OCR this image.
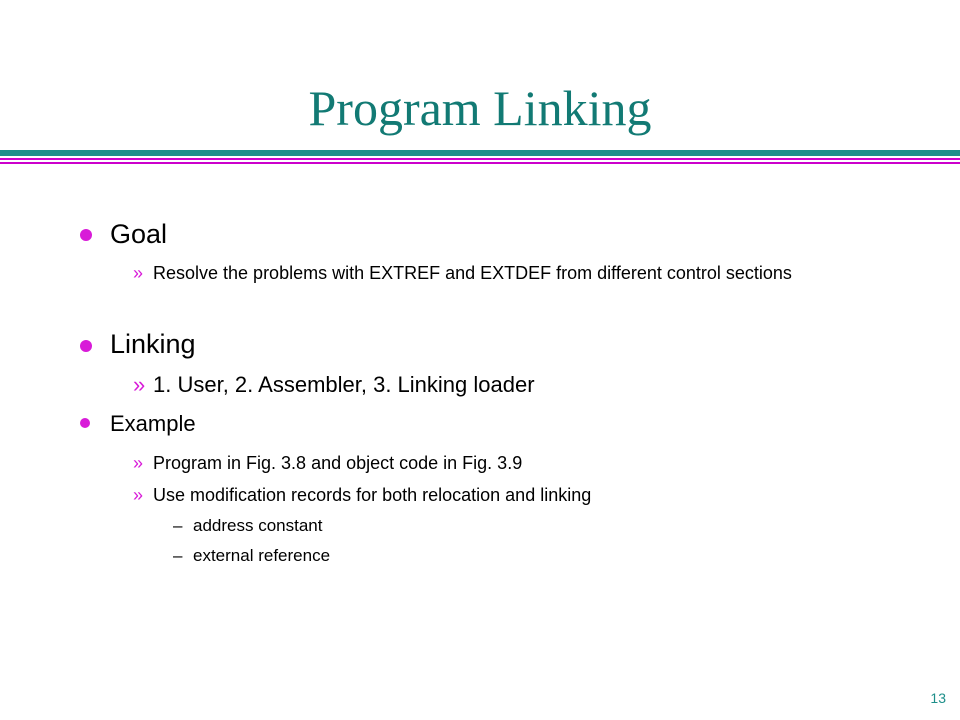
Program Linking
Goal
» Resolve the problems with EXTREF and EXTDEF from different control sections
Linking
» 1. User, 2. Assembler, 3. Linking loader
Example
» Program in Fig. 3.8 and object code in Fig. 3.9
» Use modification records for both relocation and linking
– address constant
– external reference
13
